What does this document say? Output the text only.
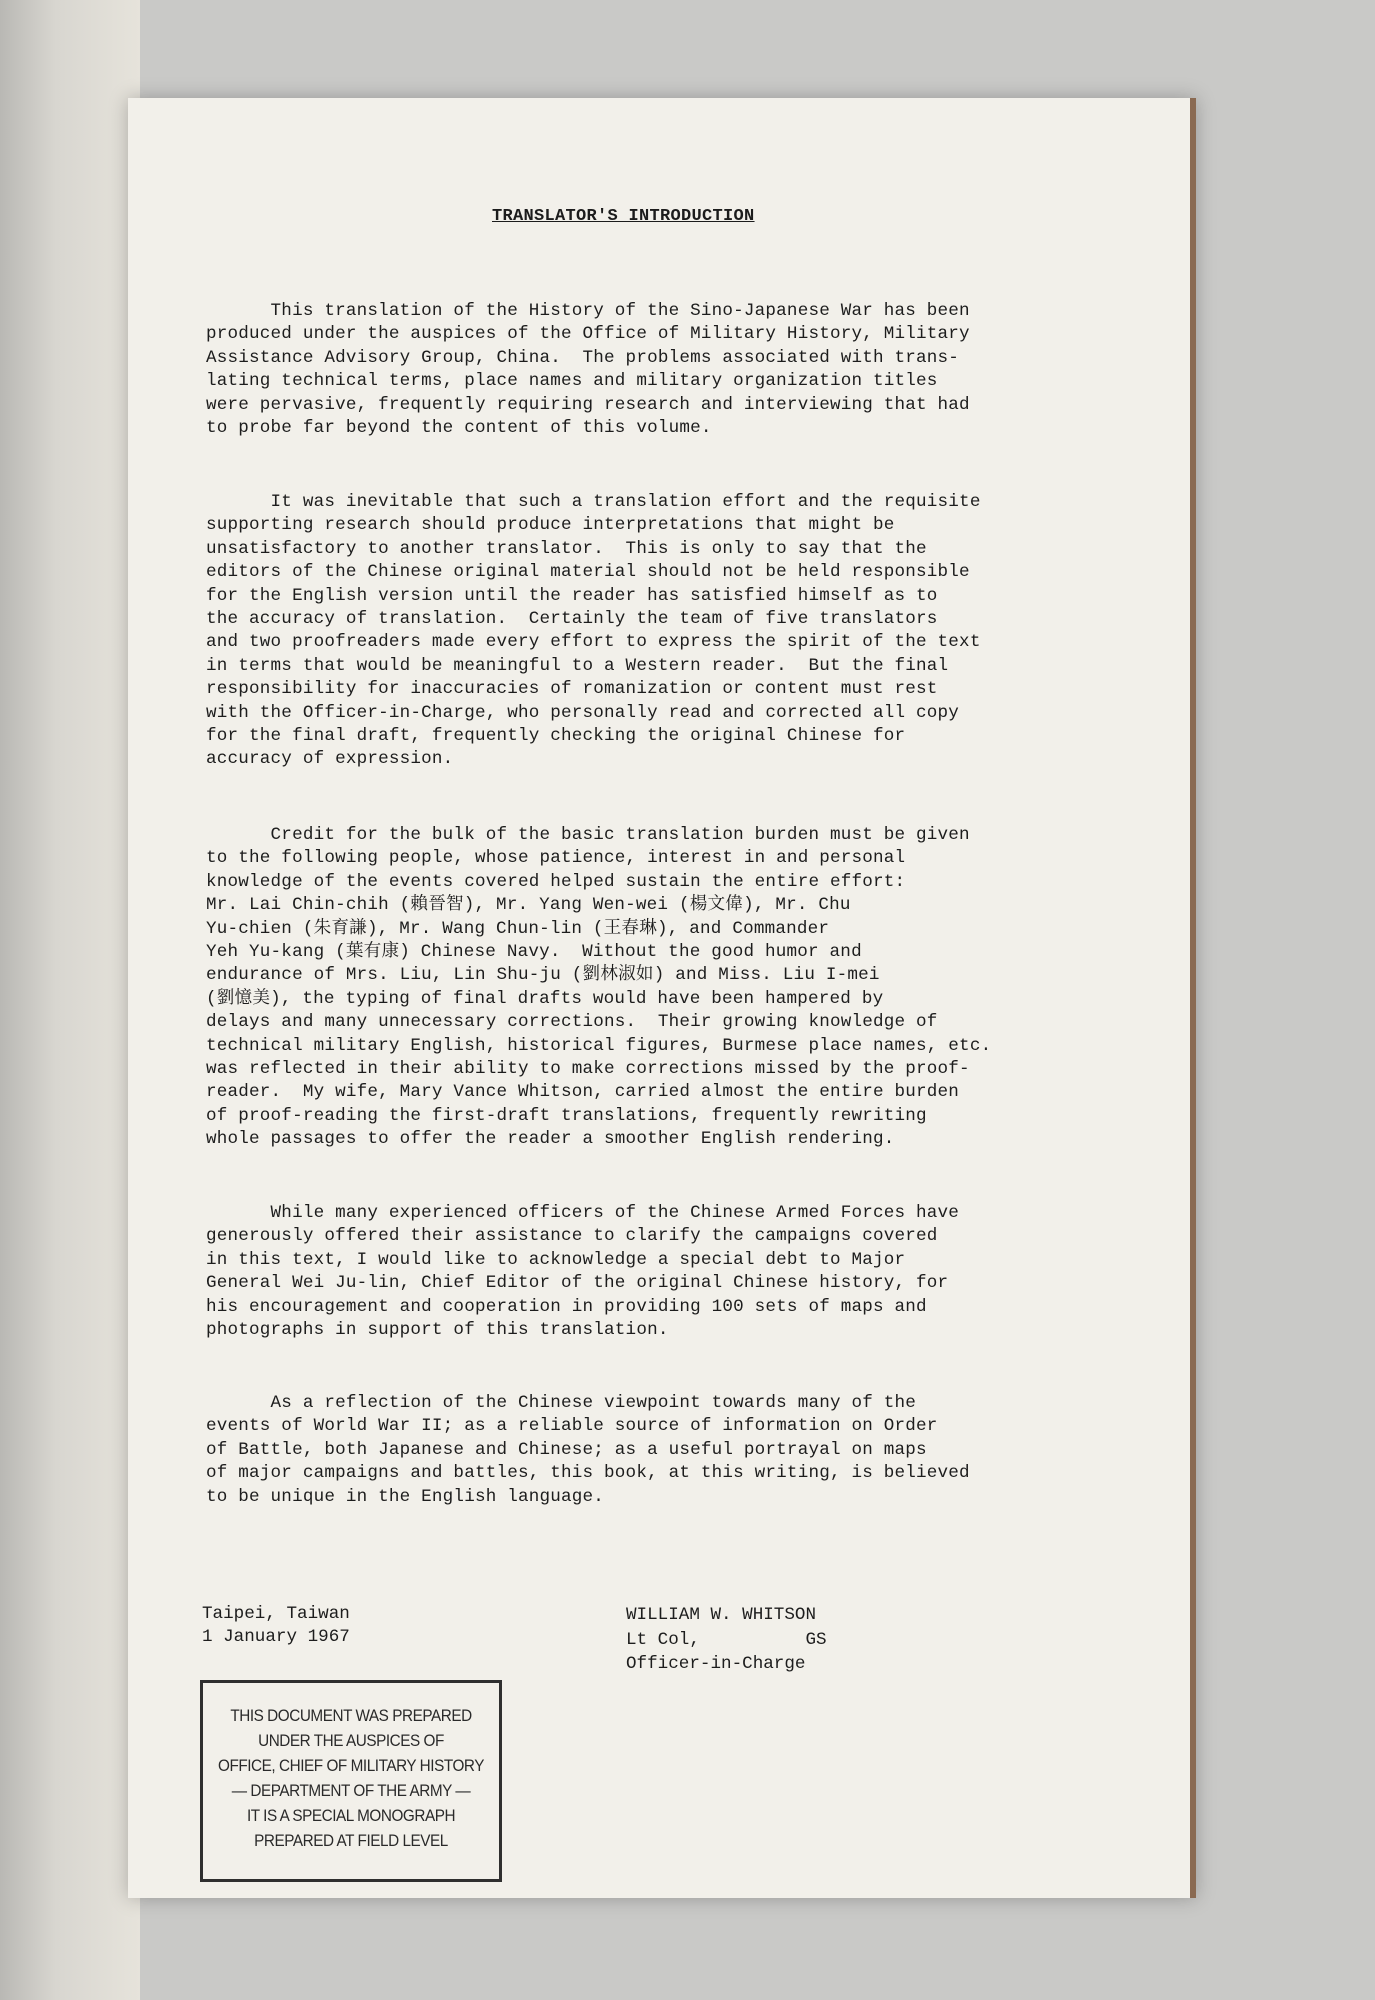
TRANSLATOR'S INTRODUCTION
This translation of the History of the Sino-Japanese War has been
produced under the auspices of the Office of Military History, Military
Assistance Advisory Group, China.  The problems associated with trans-
lating technical terms, place names and military organization titles
were pervasive, frequently requiring research and interviewing that had
to probe far beyond the content of this volume.
It was inevitable that such a translation effort and the requisite
supporting research should produce interpretations that might be
unsatisfactory to another translator.  This is only to say that the
editors of the Chinese original material should not be held responsible
for the English version until the reader has satisfied himself as to
the accuracy of translation.  Certainly the team of five translators
and two proofreaders made every effort to express the spirit of the text
in terms that would be meaningful to a Western reader.  But the final
responsibility for inaccuracies of romanization or content must rest
with the Officer-in-Charge, who personally read and corrected all copy
for the final draft, frequently checking the original Chinese for
accuracy of expression.
Credit for the bulk of the basic translation burden must be given
to the following people, whose patience, interest in and personal
knowledge of the events covered helped sustain the entire effort:
Mr. Lai Chin-chih (賴晉智), Mr. Yang Wen-wei (楊文偉), Mr. Chu
Yu-chien (朱育謙), Mr. Wang Chun-lin (王春琳), and Commander
Yeh Yu-kang (葉有康) Chinese Navy.  Without the good humor and
endurance of Mrs. Liu, Lin Shu-ju (劉林淑如) and Miss. Liu I-mei
(劉憶美), the typing of final drafts would have been hampered by
delays and many unnecessary corrections.  Their growing knowledge of
technical military English, historical figures, Burmese place names, etc.
was reflected in their ability to make corrections missed by the proof-
reader.  My wife, Mary Vance Whitson, carried almost the entire burden
of proof-reading the first-draft translations, frequently rewriting
whole passages to offer the reader a smoother English rendering.
While many experienced officers of the Chinese Armed Forces have
generously offered their assistance to clarify the campaigns covered
in this text, I would like to acknowledge a special debt to Major
General Wei Ju-lin, Chief Editor of the original Chinese history, for
his encouragement and cooperation in providing 100 sets of maps and
photographs in support of this translation.
As a reflection of the Chinese viewpoint towards many of the
events of World War II; as a reliable source of information on Order
of Battle, both Japanese and Chinese; as a useful portrayal on maps
of major campaigns and battles, this book, at this writing, is believed
to be unique in the English language.
Taipei, Taiwan
1 January 1967
WILLIAM W. WHITSON
Lt Col,          GS
Officer-in-Charge
THIS DOCUMENT WAS PREPARED
UNDER THE AUSPICES OF
OFFICE, CHIEF OF MILITARY HISTORY
— DEPARTMENT OF THE ARMY —
IT IS A SPECIAL MONOGRAPH
PREPARED AT FIELD LEVEL
